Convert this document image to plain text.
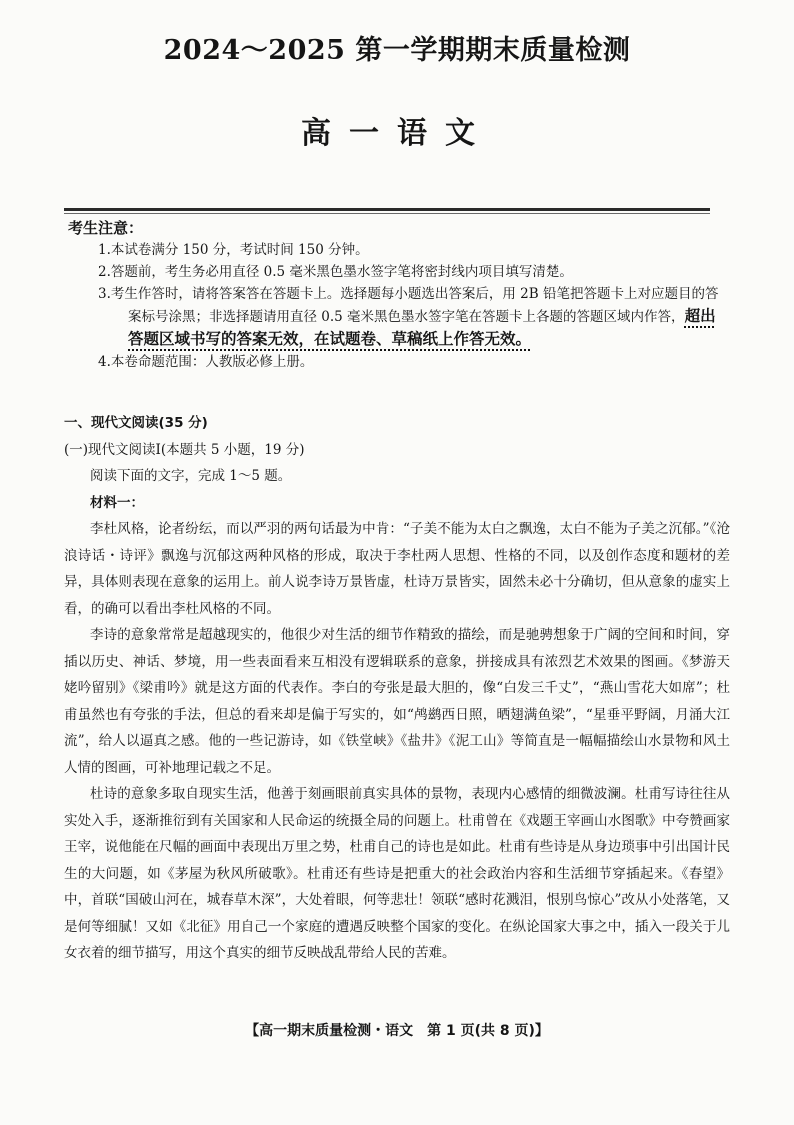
2024～2025 第一学期期末质量检测
高一语文
考生注意：
1.本试卷满分 150 分，考试时间 150 分钟。
2.答题前，考生务必用直径 0.5 毫米黑色墨水签字笔将密封线内项目填写清楚。
3.考生作答时，请将答案答在答题卡上。选择题每小题选出答案后，用 2B 铅笔把答题卡上对应题目的答案标号涂黑；非选择题请用直径 0.5 毫米黑色墨水签字笔在答题卡上各题的答题区域内作答，超出答题区域书写的答案无效，在试题卷、草稿纸上作答无效。
4.本卷命题范围：人教版必修上册。
一、现代文阅读(35 分)
(一)现代文阅读Ⅰ(本题共 5 小题，19 分)
阅读下面的文字，完成 1～5 题。
材料一：

李杜风格，论者纷纭，而以严羽的两句话最为中肯：“子美不能为太白之飘逸，太白不能为子美之沉郁。”《沧浪诗话・诗评》飘逸与沉郁这两种风格的形成，取决于李杜两人思想、性格的不同，以及创作态度和题材的差异，具体则表现在意象的运用上。前人说李诗万景皆虚，杜诗万景皆实，固然未必十分确切，但从意象的虚实上看，的确可以看出李杜风格的不同。

李诗的意象常常是超越现实的，他很少对生活的细节作精致的描绘，而是驰骋想象于广阔的空间和时间，穿插以历史、神话、梦境，用一些表面看来互相没有逻辑联系的意象，拼接成具有浓烈艺术效果的图画。《梦游天姥吟留别》《梁甫吟》就是这方面的代表作。李白的夸张是最大胆的，像“白发三千丈”，“燕山雪花大如席”；杜甫虽然也有夸张的手法，但总的看来却是偏于写实的，如“鸬鹚西日照，晒翅满鱼梁”，“星垂平野阔，月涌大江流”，给人以逼真之感。他的一些记游诗，如《铁堂峡》《盐井》《泥工山》等简直是一幅幅描绘山水景物和风土人情的图画，可补地理记载之不足。

杜诗的意象多取自现实生活，他善于刻画眼前真实具体的景物，表现内心感情的细微波澜。杜甫写诗往往从实处入手，逐渐推衍到有关国家和人民命运的统摄全局的问题上。杜甫曾在《戏题王宰画山水图歌》中夸赞画家王宰，说他能在尺幅的画面中表现出万里之势，杜甫自己的诗也是如此。杜甫有些诗是从身边琐事中引出国计民生的大问题，如《茅屋为秋风所破歌》。杜甫还有些诗是把重大的社会政治内容和生活细节穿插起来。《春望》中，首联“国破山河在，城春草木深”，大处着眼，何等悲壮！领联“感时花溅泪，恨别鸟惊心”改从小处落笔，又是何等细腻！又如《北征》用自己一个家庭的遭遇反映整个国家的变化。在纵论国家大事之中，插入一段关于儿女衣着的细节描写，用这个真实的细节反映战乱带给人民的苦难。

【高一期末质量检测・语文　第 1 页(共 8 页)】
